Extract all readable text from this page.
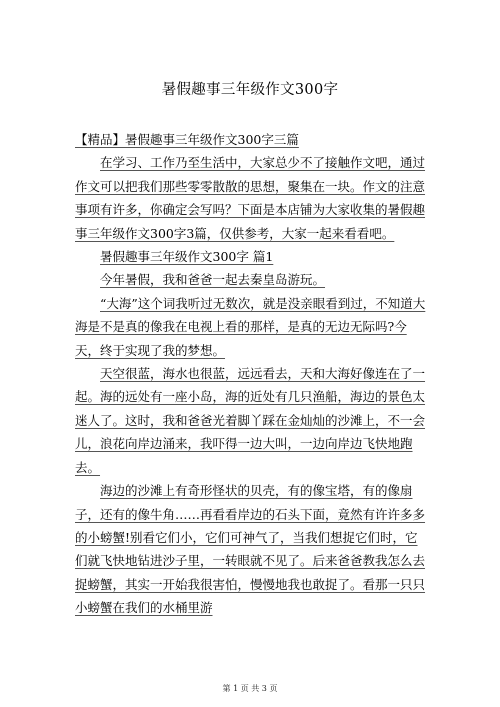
暑假趣事三年级作文300字

【精品】暑假趣事三年级作文300字三篇

在学习、工作乃至生活中，大家总少不了接触作文吧，通过作文可以把我们那些零零散散的思想，聚集在一块。作文的注意事项有许多，你确定会写吗？下面是本店铺为大家收集的暑假趣事三年级作文300字3篇，仅供参考，大家一起来看看吧。

暑假趣事三年级作文300字 篇1

今年暑假，我和爸爸一起去秦皇岛游玩。

“大海”这个词我听过无数次，就是没亲眼看到过，不知道大海是不是真的像我在电视上看的那样，是真的无边无际吗?今天，终于实现了我的梦想。

天空很蓝，海水也很蓝，远远看去，天和大海好像连在了一起。海的远处有一座小岛，海的近处有几只渔船，海边的景色太迷人了。这时，我和爸爸光着脚丫踩在金灿灿的沙滩上，不一会儿，浪花向岸边涌来，我吓得一边大叫，一边向岸边飞快地跑去。

海边的沙滩上有奇形怪状的贝壳，有的像宝塔，有的像扇子，还有的像牛角……再看看岸边的石头下面，竟然有许许多多的小螃蟹!别看它们小，它们可神气了，当我们想捉它们时，它们就飞快地钻进沙子里，一转眼就不见了。后来爸爸教我怎么去捉螃蟹，其实一开始我很害怕，慢慢地我也敢捉了。看那一只只小螃蟹在我们的水桶里游

第 1 页 共 3 页
